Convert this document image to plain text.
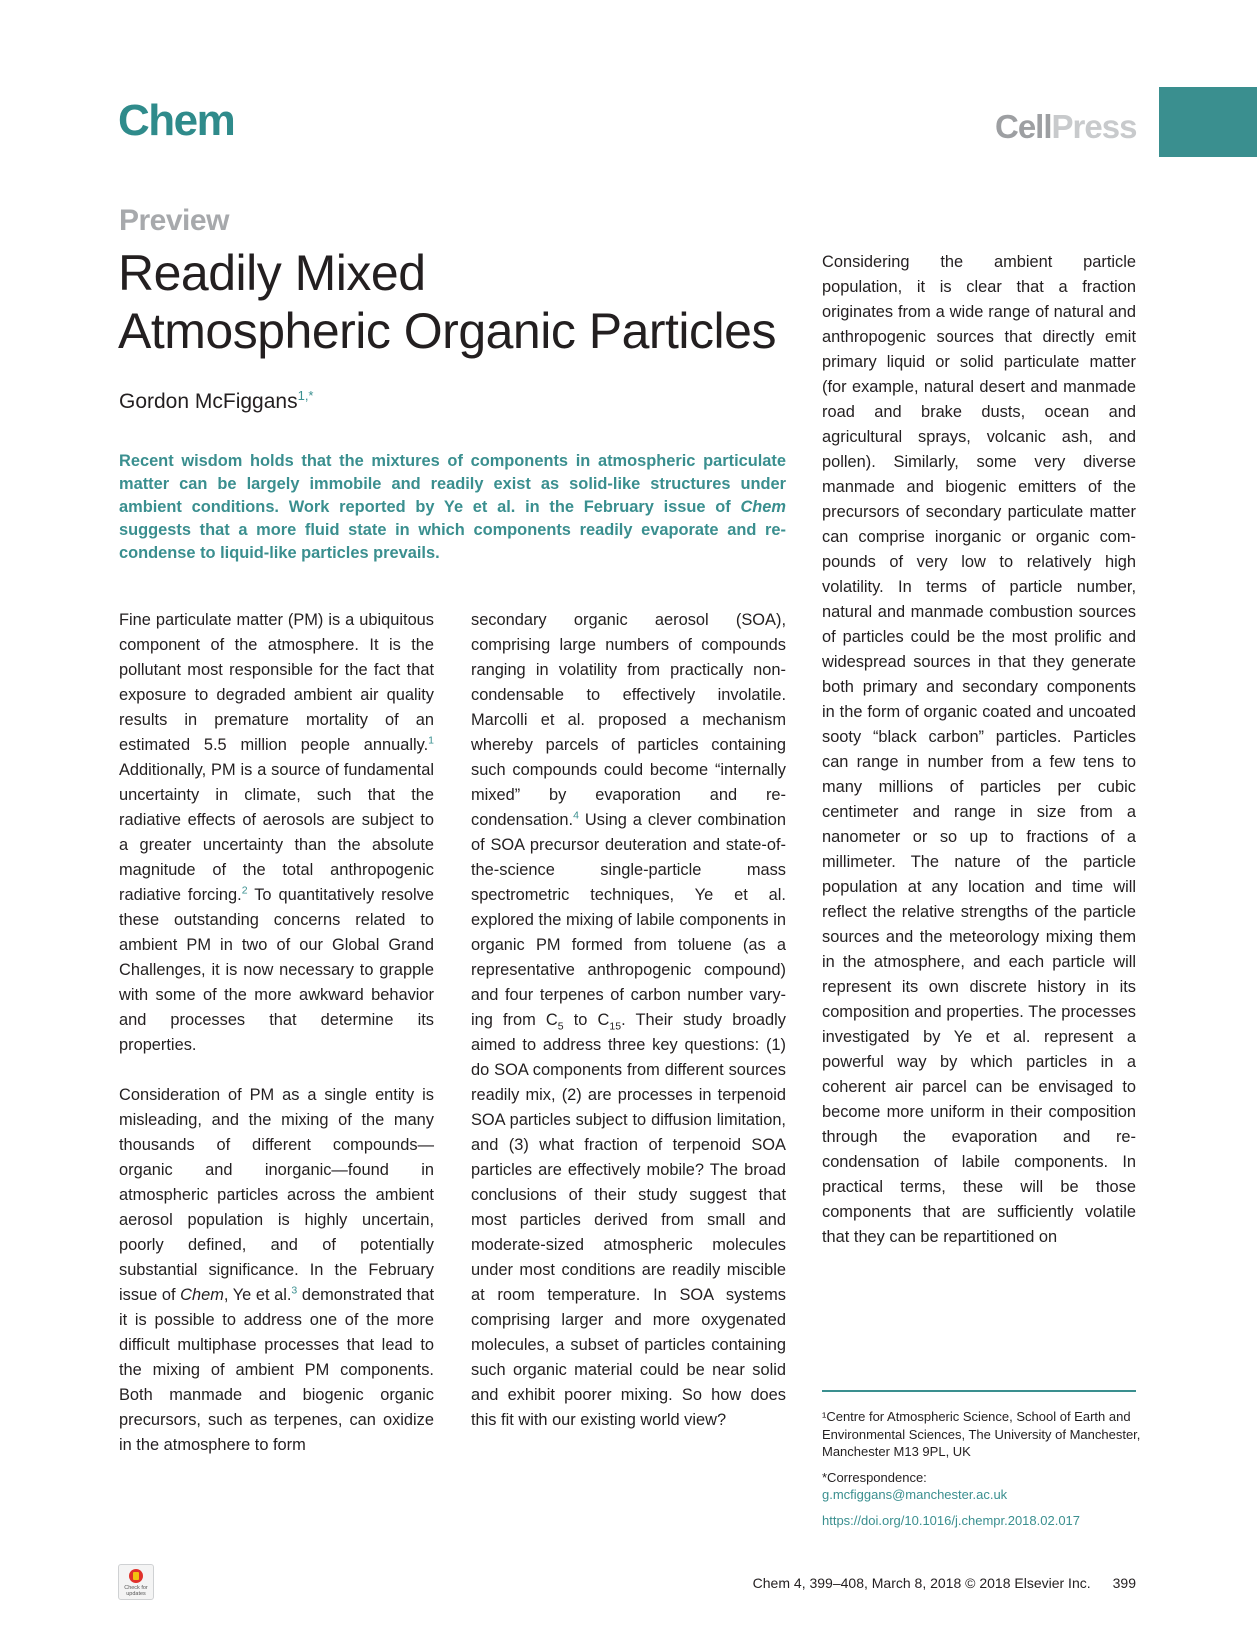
Chem	CellPress
Preview
Readily Mixed
Atmospheric Organic Particles
Gordon McFiggans$^{1,*}$

Recent wisdom holds that the mixtures of components in atmospheric particulate matter can be largely immobile and readily exist as solid-like structures under ambient conditions. Work reported by Ye et al. in the February issue of Chem suggests that a more fluid state in which components readily evaporate and re-condense to liquid-like particles prevails.

Fine particulate matter (PM) is a ubiquitous component of the atmosphere. It is the pollutant most responsible for the fact that exposure to degraded ambient air quality results in premature mortality of an estimated 5.5 million people annually.$^1$ Additionally, PM is a source of fundamental uncertainty in climate, such that the radiative effects of aerosols are subject to a greater uncertainty than the absolute magnitude of the total anthropogenic radiative forcing.$^2$ To quantitatively resolve these outstanding concerns related to ambient PM in two of our Global Grand Challenges, it is now necessary to grapple with some of the more awkward behavior and processes that determine its properties.

Consideration of PM as a single entity is misleading, and the mixing of the many thousands of different compounds—organic and inorganic—found in atmospheric particles across the ambient aerosol population is highly uncertain, poorly defined, and of potentially substantial significance. In the February issue of Chem, Ye et al.$^3$ demonstrated that it is possible to address one of the more difficult multiphase processes that lead to the mixing of ambient PM components. Both manmade and biogenic organic precursors, such as terpenes, can oxidize in the atmosphere to form

secondary organic aerosol (SOA), comprising large numbers of compounds ranging in volatility from practically non-condensable to effectively involatile. Marcolli et al. proposed a mechanism whereby parcels of particles containing such compounds could become “internally mixed” by evaporation and re-condensation.$^4$ Using a clever combination of SOA precursor deuteration and state-of-the-science single-particle mass spectrometric techniques, Ye et al. explored the mixing of labile components in organic PM formed from toluene (as a representative anthropogenic compound) and four terpenes of carbon number varying from $C_5$ to $C_{15}$. Their study broadly aimed to address three key questions: (1) do SOA components from different sources readily mix, (2) are processes in terpenoid SOA particles subject to diffusion limitation, and (3) what fraction of terpenoid SOA particles are effectively mobile? The broad conclusions of their study suggest that most particles derived from small and moderate-sized atmospheric molecules under most conditions are readily miscible at room temperature. In SOA systems comprising larger and more oxygenated molecules, a subset of particles containing such organic material could be near solid and exhibit poorer mixing. So how does this fit with our existing world view?

Considering the ambient particle population, it is clear that a fraction originates from a wide range of natural and anthropogenic sources that directly emit primary liquid or solid particulate matter (for example, natural desert and manmade road and brake dusts, ocean and agricultural sprays, volcanic ash, and pollen). Similarly, some very diverse manmade and biogenic emitters of the precursors of secondary particulate matter can comprise inorganic or organic compounds of very low to relatively high volatility. In terms of particle number, natural and manmade combustion sources of particles could be the most prolific and widespread sources in that they generate both primary and secondary components in the form of organic coated and uncoated sooty “black carbon” particles. Particles can range in number from a few tens to many millions of particles per cubic centimeter and range in size from a nanometer or so up to fractions of a millimeter. The nature of the particle population at any location and time will reflect the relative strengths of the particle sources and the meteorology mixing them in the atmosphere, and each particle will represent its own discrete history in its composition and properties. The processes investigated by Ye et al. represent a powerful way by which particles in a coherent air parcel can be envisaged to become more uniform in their composition through the evaporation and re-condensation of labile components. In practical terms, these will be those components that are sufficiently volatile that they can be repartitioned on

¹Centre for Atmospheric Science, School of Earth and Environmental Sciences, The University of Manchester, Manchester M13 9PL, UK

*Correspondence:

g.mcfiggans@manchester.ac.uk

https://doi.org/10.1016/j.chempr.2018.02.017

Check for updates
Chem 4, 399–408, March 8, 2018 © 2018 Elsevier Inc. 399
